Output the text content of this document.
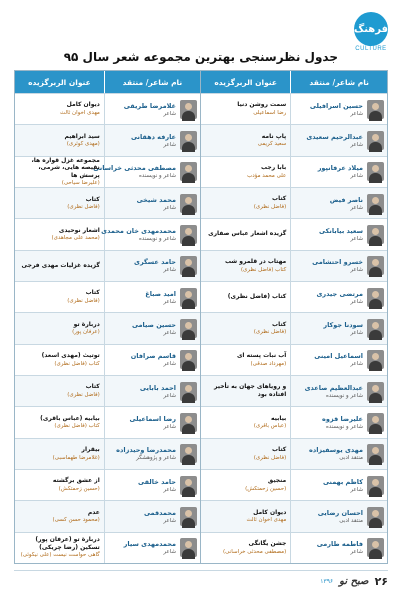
فرهنگ
CULTURE
جدول نظرسنجی بهترین مجموعه شعر سال ۹۵
نام شاعر/ منتقد
عنوان الربرگزیده
حسین اسرافیلی
شاعر
سمت روشن دنیا
رضا اسماعیلی
عبدالرحیم سعیدی
شاعر
پاپ نامه
سعید کریمی
میلاد عرفانپور
شاعر
بابا رجب
علی محمد مؤدب
ناصر فیض
شاعر
کتاب
(فاضل نظری)
سعید بیابانکی
شاعر
گزیده اشعار عباس صفاری
خسرو احتشامی
شاعر
مهتاب در قلمرو شب
کتاب (فاضل نظری)
مرتضی جیدری
شاعر
کتاب (فاضل نظری)
سودنا جوکار
شاعر
کتاب
(فاضل نظری)
اسماعیل امینی
شاعر
آب نبات پسته ای
(مهرداد صدقی)
عبدالعظیم صاعدی
شاعر و نویسنده
و رویاهای جهان به تأخیر افتاده بود
علیرضا قزوه
شاعر و نویسنده
بیابیه
(عباس باقری)
مهدی یوسفیزاده
منتقد ادبی
کتاب
(فاضل نظری)
کاظم بهمنی
شاعر
منجیق
(حسین زحمتکش)
احسان رضایی
منتقد ادبی
دیوان کامل
مهدی اخوان ثالث
فاطمه طارمی
شاعر
جشن یگانگی
(مصطفی محدثی خراسانی)
نام شاعر/ منتقد
عنوان الربرگزیده
غلامرضا طریقی
شاعر
دیوان کامل
مهدی اخوان ثالث
عارفه دهقانی
شاعر
سید ابراهیم
(مهدی کوثری)
مصطفی محدثی خراسانی
شاعر و نویسنده
مجموعه غزل قواره ها، نقیصه هایی، شرمی، پرسش ها
(علیرضا سیاحی)
محمد شیخی
شاعر
کتاب
(فاضل نظری)
محمدمهدی خان محمدی
شاعر و نویسنده
اشعار نوحیدی
(محمد علی مجاهدی)
حامد عسگری
شاعر
گزیده غزلیات مهدی فرجی
امید صباغ
شاعر
کتاب
(فاضل نظری)
حسین صیامی
شاعر
دربارة تو
(عرفان پور)
قاسم صرافان
شاعر
توتیث (مهدی اسعد)
کتاب (فاضل نظری)
احمد بابایی
شاعر
کتاب
(فاضل نظری)
رضا اسماعیلی
شاعر
بیابیه (عباس باقری)
کتاب (فاضل نظری)
محمدرضا وحیدزاده
شاعر و پژوهشگر
بیقرار
(غلامرضا طهماسبی)
حامد خالقی
شاعر
از عشق برگشته
(حسین زحمتکش)
محمدقمی
شاعر
عدم
(محمود حسن کسی)
محمدمهدی سیار
شاعر
دربارة تو (عرفان پور) تسکین (رضا چریکی)
گاهی حواست نیست (علی نیکوئی)
۲۶
صبح نو
۱۳۹۶
